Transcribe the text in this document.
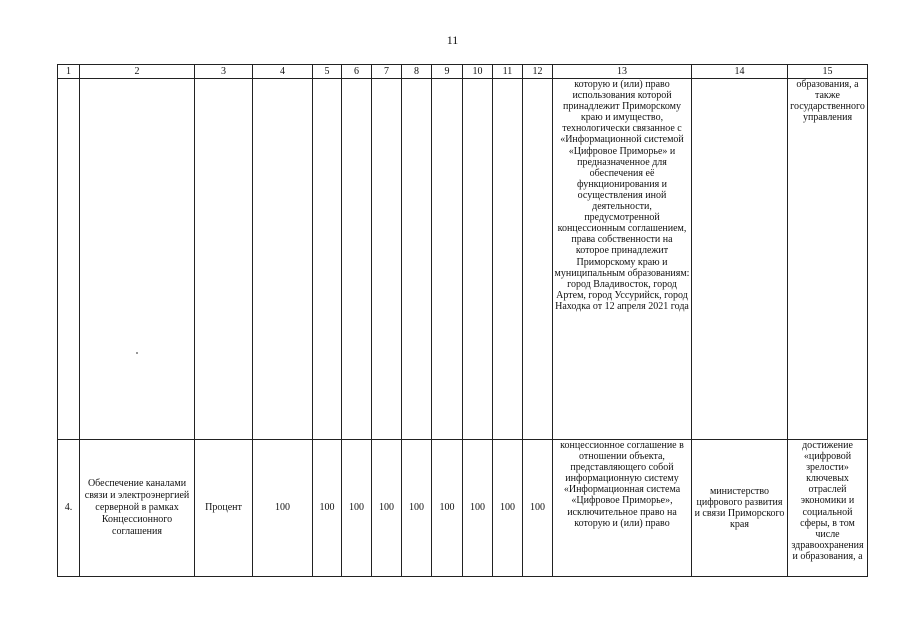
11
1	2	3	4	5	6	7	8	9	10	11	12	13	14	15
												которую и (или) право использования которой принадлежит Приморскому краю и имущество, технологически связанное с «Информационной системой «Цифровое Приморье» и предназначенное для обеспечения её функционирования и осуществления иной деятельности, предусмотренной концессионным соглашением, права собственности на которое принадлежит Приморскому краю и муниципальным образованиям: город Владивосток, город Артем, город Уссурийск, город Находка от 12 апреля 2021 года		образования, а также государственного управления
4.	Обеспечение каналами связи и электроэнергией серверной в рамках Концессионного соглашения	Процент	100	100	100	100	100	100	100	100	100	концессионное соглашение в отношении объекта, представляющего собой информационную систему «Информационная система «Цифровое Приморье», исключительное право на которую и (или) право	министерство цифрового развития и связи Приморского края	достижение «цифровой зрелости» ключевых отраслей экономики и социальной сферы, в том числе здравоохранения и образования, а
